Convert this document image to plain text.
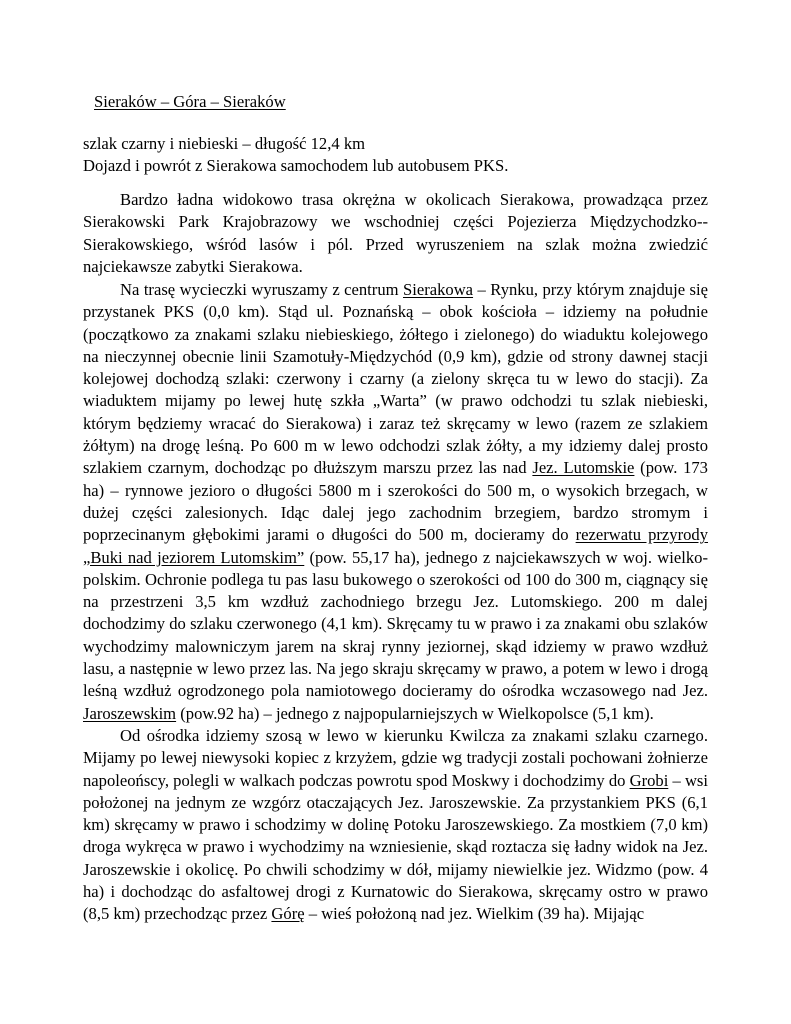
Sieraków – Góra – Sieraków
szlak czarny i niebieski – długość 12,4 km
Dojazd i powrót z Sierakowa samochodem lub autobusem PKS.

Bardzo ładna widokowo trasa okrężna w okolicach Sierakowa, prowadząca przez Sierakowski Park Krajobrazowy we wschodniej części Pojezierza Międzychodzko--Sierakowskiego, wśród lasów i pól. Przed wyruszeniem na szlak można zwiedzić najciekawsze zabytki Sierakowa.

Na trasę wycieczki wyruszamy z centrum Sierakowa – Rynku, przy którym znajduje się przystanek PKS (0,0 km). Stąd ul. Poznańską – obok kościoła – idziemy na południe (początkowo za znakami szlaku niebieskiego, żółtego i zielonego) do wiaduktu kolejowego na nieczynnej obecnie linii Szamotuły-Międzychód (0,9 km), gdzie od strony dawnej stacji kolejowej dochodzą szlaki: czerwony i czarny (a zielony skręca tu w lewo do stacji). Za wiaduktem mijamy po lewej hutę szkła „Warta” (w prawo odchodzi tu szlak niebieski, którym będziemy wracać do Sierakowa) i zaraz też skręcamy w lewo (razem ze szlakiem żółtym) na drogę leśną. Po 600 m w lewo odchodzi szlak żółty, a my idziemy dalej prosto szlakiem czarnym, dochodząc po dłuższym marszu przez las nad Jez. Lutomskie (pow. 173 ha) – rynnowe jezioro o długości 5800 m i szerokości do 500 m, o wysokich brzegach, w dużej części zalesionych. Idąc dalej jego zachodnim brzegiem, bardzo stromym i poprzecinanym głębokimi jarami o długości do 500 m, docieramy do rezerwatu przyrody „Buki nad jeziorem Lutomskim” (pow. 55,17 ha), jednego z najciekawszych w woj. wielko-polskim. Ochronie podlega tu pas lasu bukowego o szerokości od 100 do 300 m, ciągnący się na przestrzeni 3,5 km wzdłuż zachodniego brzegu Jez. Lutomskiego. 200 m dalej dochodzimy do szlaku czerwonego (4,1 km). Skręcamy tu w prawo i za znakami obu szlaków wychodzimy malowniczym jarem na skraj rynny jeziornej, skąd idziemy w prawo wzdłuż lasu, a następnie w lewo przez las. Na jego skraju skręcamy w prawo, a potem w lewo i drogą leśną wzdłuż ogrodzonego pola namiotowego docieramy do ośrodka wczasowego nad Jez. Jaroszewskim (pow.92 ha) – jednego z najpopularniejszych w Wielkopolsce (5,1 km).

Od ośrodka idziemy szosą w lewo w kierunku Kwilcza za znakami szlaku czarnego. Mijamy po lewej niewysoki kopiec z krzyżem, gdzie wg tradycji zostali pochowani żołnierze napoleońscy, polegli w walkach podczas powrotu spod Moskwy i dochodzimy do Grobi – wsi położonej na jednym ze wzgórz otaczających Jez. Jaroszewskie. Za przystankiem PKS (6,1 km) skręcamy w prawo i schodzimy w dolinę Potoku Jaroszewskiego. Za mostkiem (7,0 km) droga wykręca w prawo i wychodzimy na wzniesienie, skąd roztacza się ładny widok na Jez. Jaroszewskie i okolicę. Po chwili schodzimy w dół, mijamy niewielkie jez. Widzmo (pow. 4 ha) i dochodząc do asfaltowej drogi z Kurnatowic do Sierakowa, skręcamy ostro w prawo (8,5 km) przechodząc przez Górę – wieś położoną nad jez. Wielkim (39 ha). Mijając
